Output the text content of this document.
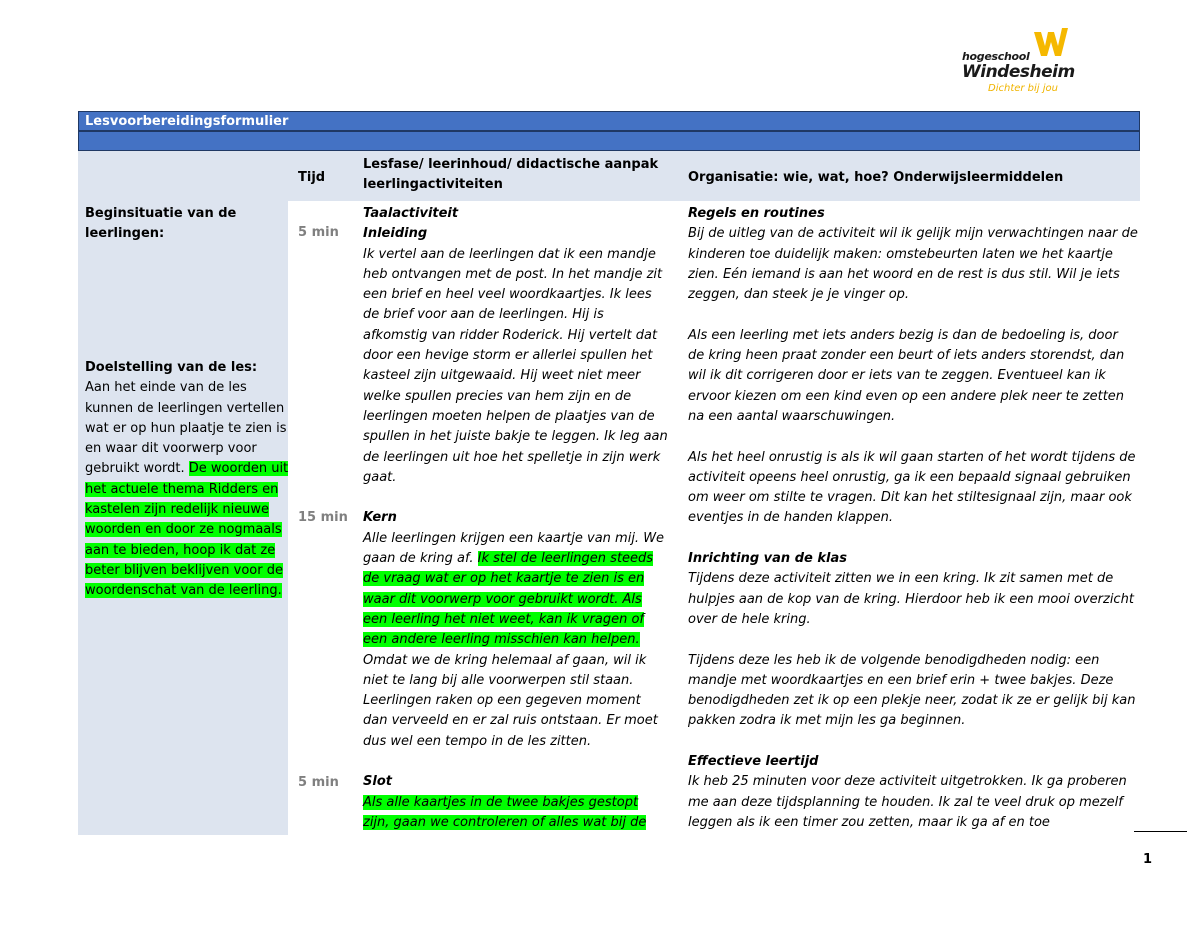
hogeschool
Windesheim
Dichter bij jou
Lesvoorbereidingsformulier
Tijd
Lesfase/ leerinhoud/ didactische aanpak
leerlingactiviteiten	Organisatie: wie, wat, hoe? Onderwijsleermiddelen
Beginsituatie van de
leerlingen:
Doelstelling van de les:
Aan het einde van de les kunnen de leerlingen vertellen wat er op hun plaatje te zien is en waar dit voorwerp voor gebruikt wordt. De woorden uit het actuele thema Ridders en kastelen zijn redelijk nieuwe woorden en door ze nogmaals aan te bieden, hoop ik dat ze beter blijven beklijven voor de woordenschat van de leerling.
5 min
15 min
5 min

Taalactiviteit

Inleiding

Ik vertel aan de leerlingen dat ik een mandje heb ontvangen met de post. In het mandje zit een brief en heel veel woordkaartjes. Ik lees de brief voor aan de leerlingen. Hij is afkomstig van ridder Roderick. Hij vertelt dat door een hevige storm er allerlei spullen het kasteel zijn uitgewaaid. Hij weet niet meer welke spullen precies van hem zijn en de leerlingen moeten helpen de plaatjes van de spullen in het juiste bakje te leggen. Ik leg aan de leerlingen uit hoe het spelletje in zijn werk gaat.

Kern

Alle leerlingen krijgen een kaartje van mij. We gaan de kring af. Ik stel de leerlingen steeds de vraag wat er op het kaartje te zien is en waar dit voorwerp voor gebruikt wordt. Als een leerling het niet weet, kan ik vragen of een andere leerling misschien kan helpen. Omdat we de kring helemaal af gaan, wil ik niet te lang bij alle voorwerpen stil staan. Leerlingen raken op een gegeven moment dan verveeld en er zal ruis ontstaan. Er moet dus wel een tempo in de les zitten.

Slot

Als alle kaartjes in de twee bakjes gestopt zijn, gaan we controleren of alles wat bij de

Regels en routines

Bij de uitleg van de activiteit wil ik gelijk mijn verwachtingen naar de kinderen toe duidelijk maken: omstebeurten laten we het kaartje zien. Eén iemand is aan het woord en de rest is dus stil. Wil je iets zeggen, dan steek je je vinger op.

Als een leerling met iets anders bezig is dan de bedoeling is, door de kring heen praat zonder een beurt of iets anders storendst, dan wil ik dit corrigeren door er iets van te zeggen. Eventueel kan ik ervoor kiezen om een kind even op een andere plek neer te zetten na een aantal waarschuwingen.

Als het heel onrustig is als ik wil gaan starten of het wordt tijdens de activiteit opeens heel onrustig, ga ik een bepaald signaal gebruiken om weer om stilte te vragen. Dit kan het stiltesignaal zijn, maar ook eventjes in de handen klappen.

Inrichting van de klas

Tijdens deze activiteit zitten we in een kring. Ik zit samen met de hulpjes aan de kop van de kring. Hierdoor heb ik een mooi overzicht over de hele kring.

Tijdens deze les heb ik de volgende benodigdheden nodig: een mandje met woordkaartjes en een brief erin + twee bakjes. Deze benodigdheden zet ik op een plekje neer, zodat ik ze er gelijk bij kan pakken zodra ik met mijn les ga beginnen.

Effectieve leertijd

Ik heb 25 minuten voor deze activiteit uitgetrokken. Ik ga proberen me aan deze tijdsplanning te houden. Ik zal te veel druk op mezelf leggen als ik een timer zou zetten, maar ik ga af en toe

1
